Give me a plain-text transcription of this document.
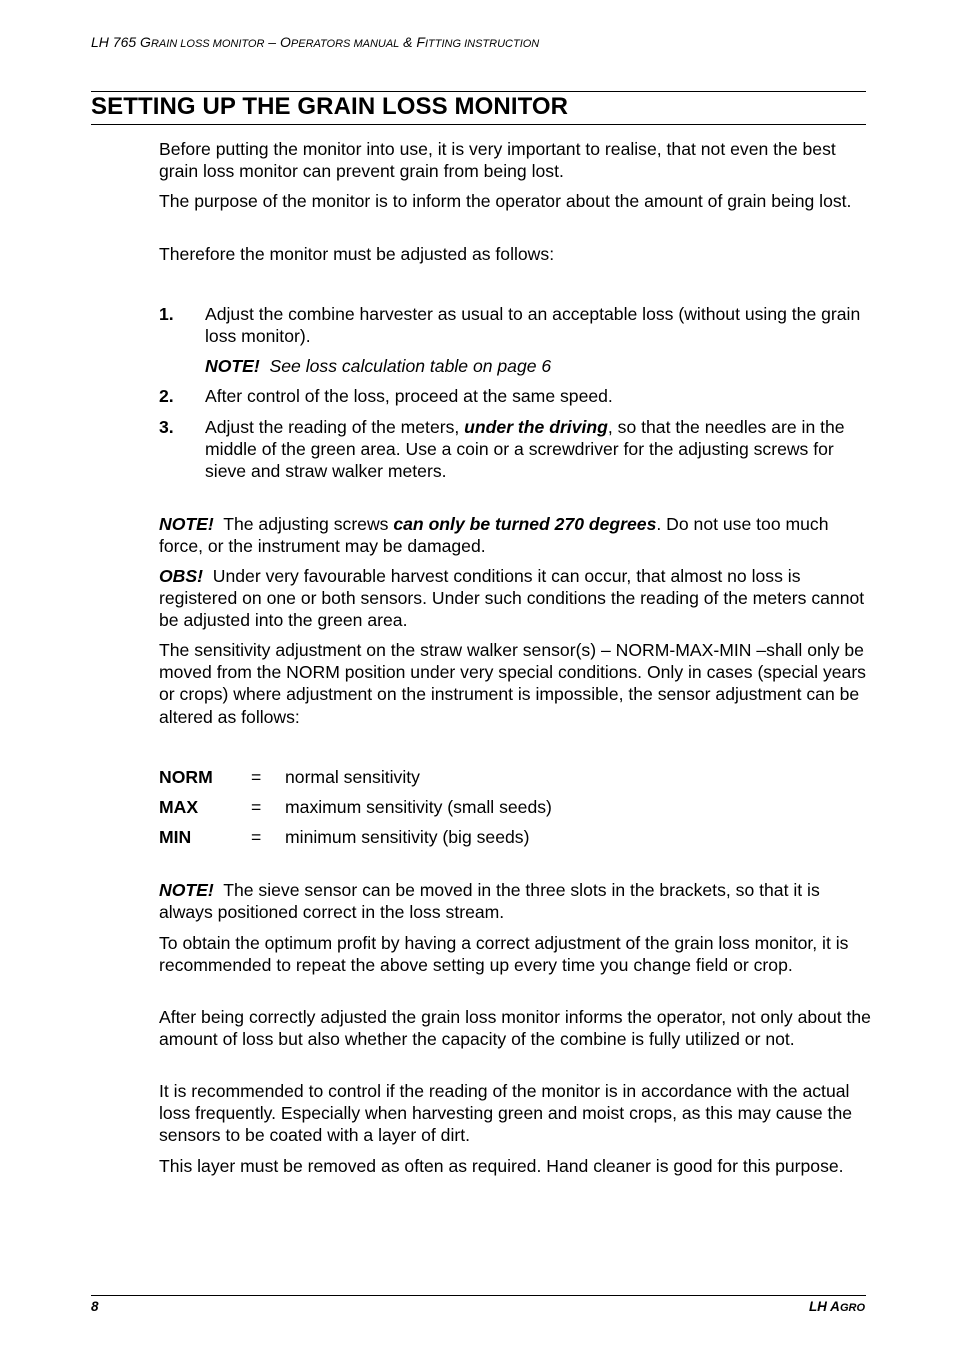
LH 765 GRAIN LOSS MONITOR – OPERATORS MANUAL & FITTING INSTRUCTION
SETTING UP THE GRAIN LOSS MONITOR

Before putting the monitor into use, it is very important to realise, that not even the best grain loss monitor can prevent grain from being lost.

The purpose of the monitor is to inform the operator about the amount of grain being lost.

Therefore the monitor must be adjusted as follows:

1. Adjust the combine harvester as usual to an acceptable loss (without using the grain loss monitor).
NOTE! See loss calculation table on page 6
2. After control of the loss, proceed at the same speed.
3. Adjust the reading of the meters, under the driving, so that the needles are in the middle of the green area. Use a coin or a screwdriver for the adjusting screws for sieve and straw walker meters.

NOTE! The adjusting screws can only be turned 270 degrees. Do not use too much force, or the instrument may be damaged.

OBS! Under very favourable harvest conditions it can occur, that almost no loss is registered on one or both sensors. Under such conditions the reading of the meters cannot be adjusted into the green area.

The sensitivity adjustment on the straw walker sensor(s) – NORM-MAX-MIN –shall only be moved from the NORM position under very special conditions. Only in cases (special years or crops) where adjustment on the instrument is impossible, the sensor adjustment can be altered as follows:

NORM = normal sensitivity
MAX	= maximum sensitivity (small seeds)
MIN	= minimum sensitivity (big seeds)

NOTE! The sieve sensor can be moved in the three slots in the brackets, so that it is always positioned correct in the loss stream.

To obtain the optimum profit by having a correct adjustment of the grain loss monitor, it is recommended to repeat the above setting up every time you change field or crop.

After being correctly adjusted the grain loss monitor informs the operator, not only about the amount of loss but also whether the capacity of the combine is fully utilized or not.

It is recommended to control if the reading of the monitor is in accordance with the actual loss frequently. Especially when harvesting green and moist crops, as this may cause the sensors to be coated with a layer of dirt.

This layer must be removed as often as required. Hand cleaner is good for this purpose.

8	LH AGRO
